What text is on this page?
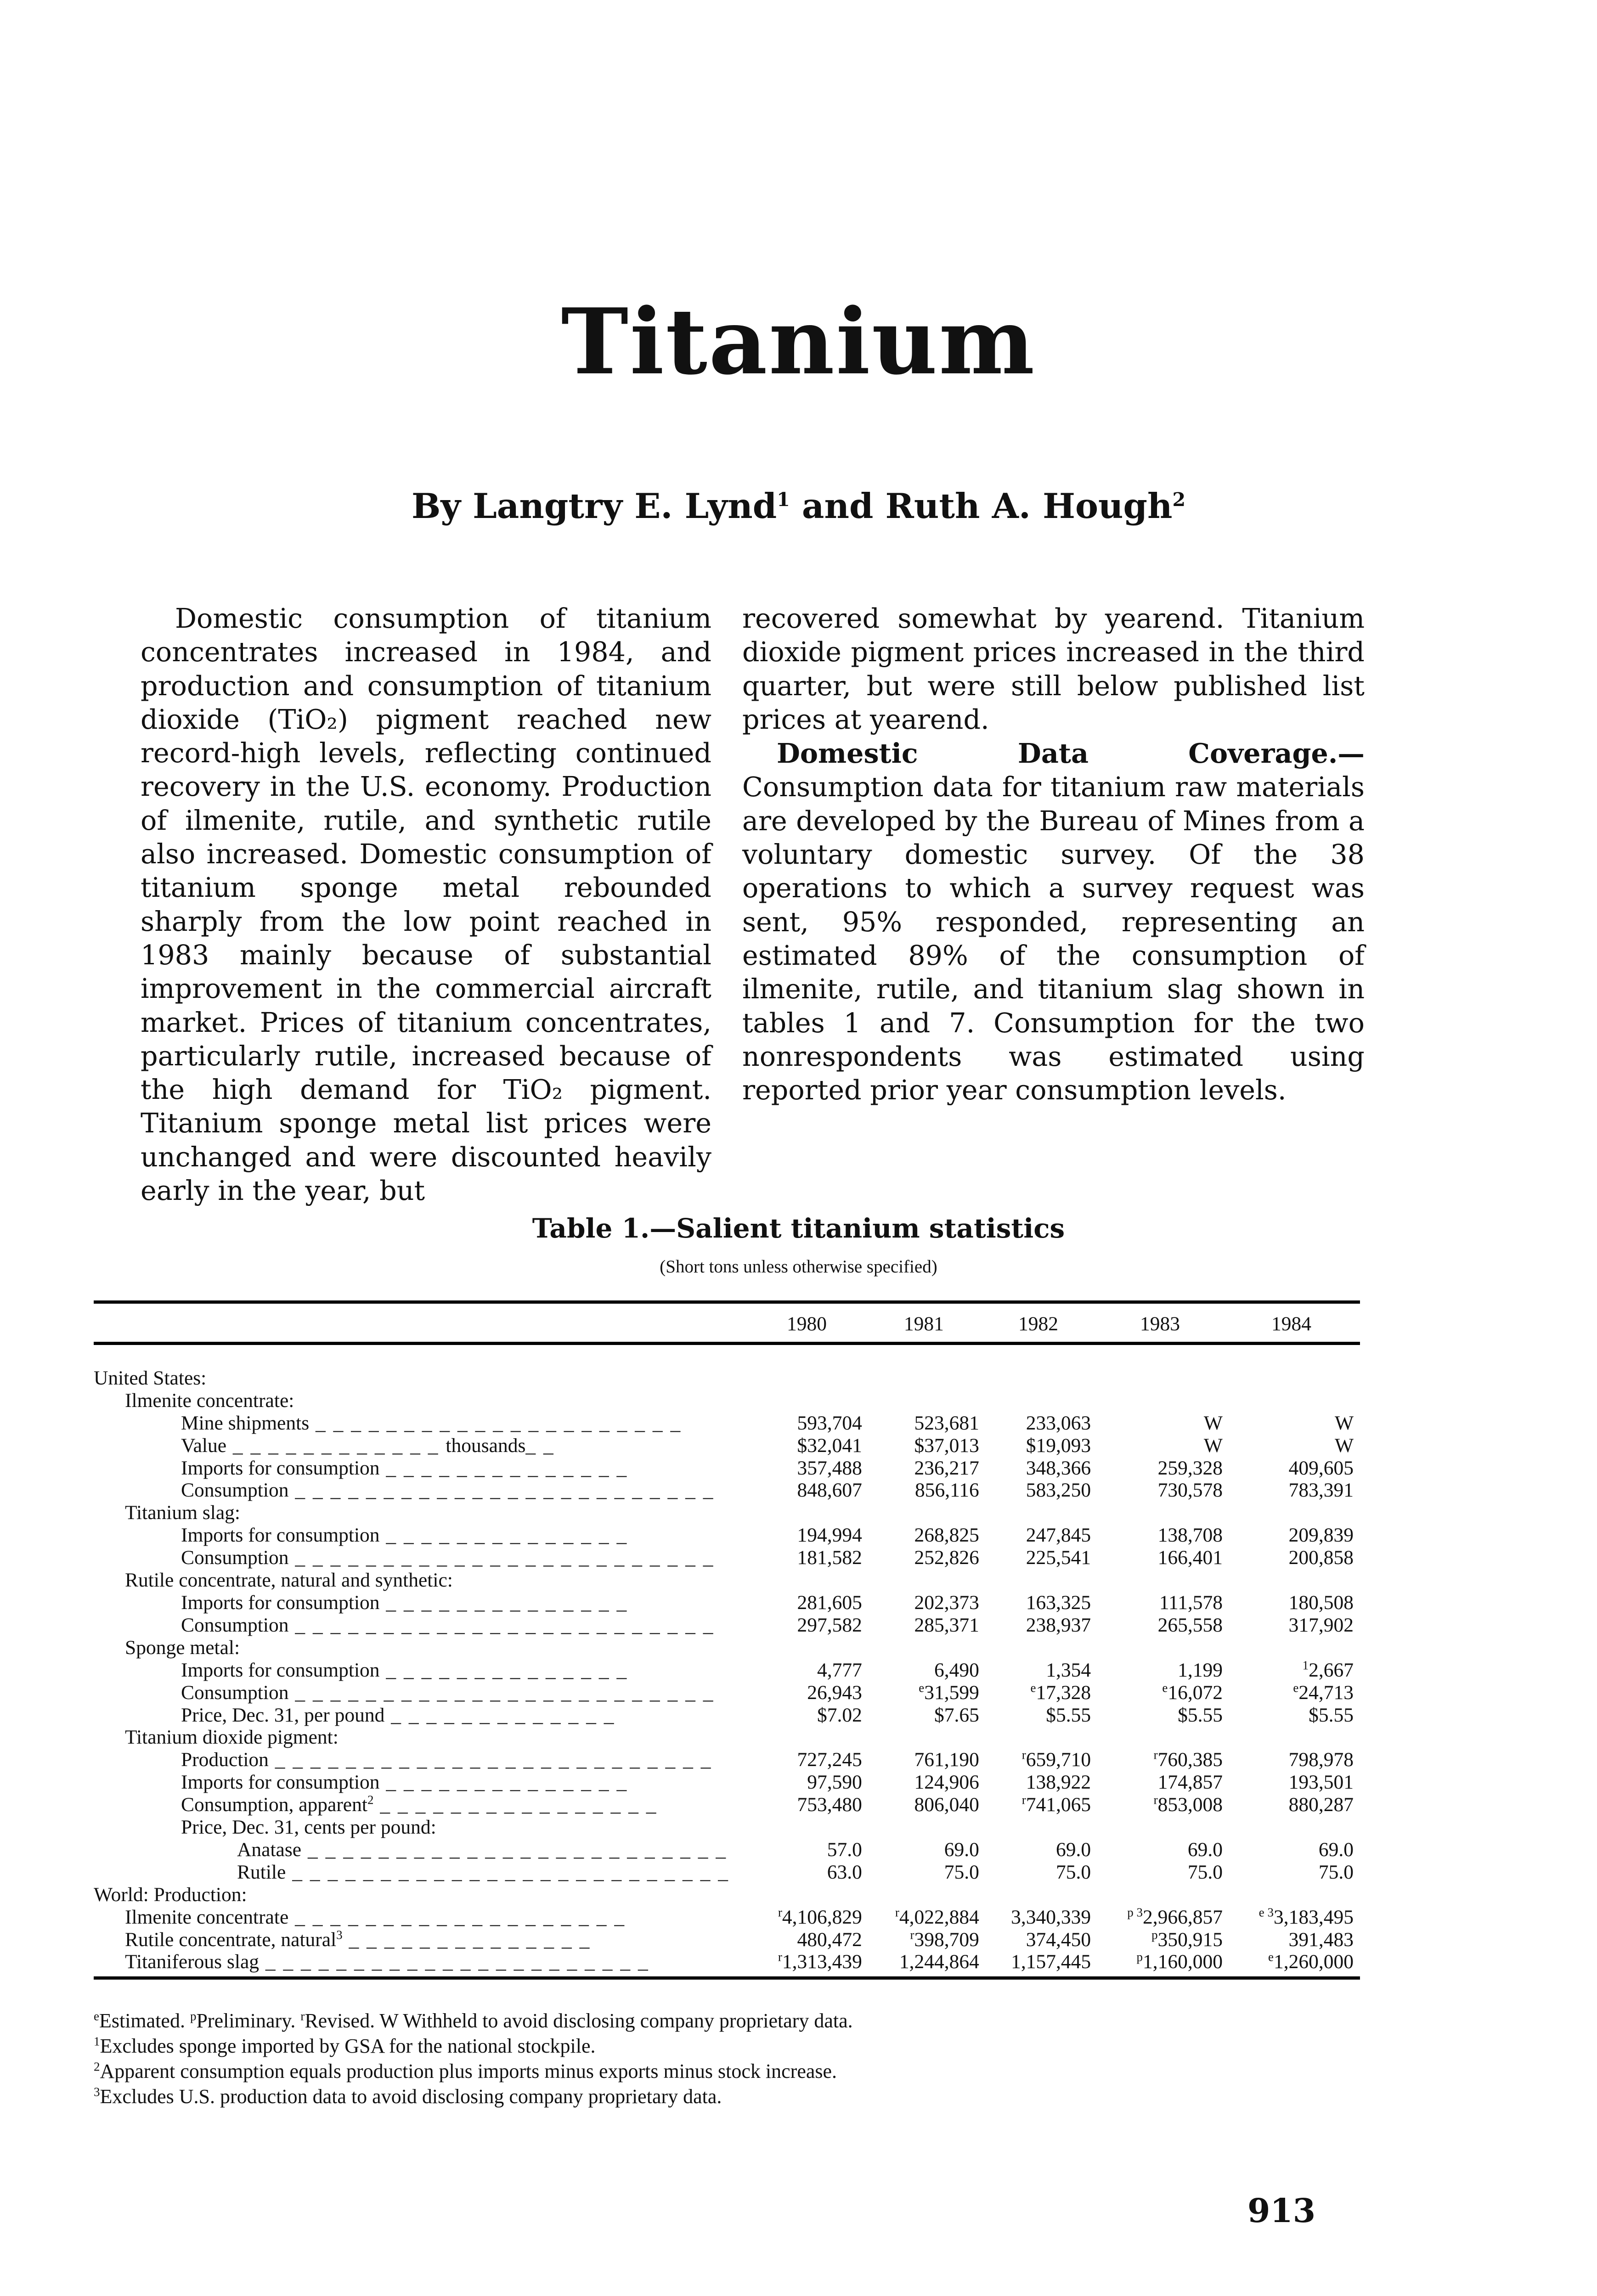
Titanium
By Langtry E. Lynd$^1$ and Ruth A. Hough$^2$

Domestic consumption of titanium concentrates increased in 1984, and production and consumption of titanium dioxide (TiO₂) pigment reached new record-high levels, reflecting continued recovery in the U.S. economy. Production of ilmenite, rutile, and synthetic rutile also increased. Domestic consumption of titanium sponge metal rebounded sharply from the low point reached in 1983 mainly because of substantial improvement in the commercial aircraft market. Prices of titanium concentrates, particularly rutile, increased because of the high demand for TiO₂ pigment. Titanium sponge metal list prices were unchanged and were discounted heavily early in the year, but

recovered somewhat by yearend. Titanium dioxide pigment prices increased in the third quarter, but were still below published list prices at yearend.

Domestic Data Coverage.—Consumption data for titanium raw materials are developed by the Bureau of Mines from a voluntary domestic survey. Of the 38 operations to which a survey request was sent, 95% responded, representing an estimated 89% of the consumption of ilmenite, rutile, and titanium slag shown in tables 1 and 7. Consumption for the two nonrespondents was estimated using reported prior year consumption levels.

Table 1.—Salient titanium statistics
(Short tons unless otherwise specified)
	1980	1981	1982	1983	1984
United States:					
Ilmenite concentrate:					
Mine shipments _ _ _ _ _ _ _ _ _ _ _ _ _ _ _ _ _ _ _ _ _	593,704	523,681	233,063	W	W
Value _ _ _ _ _ _ _ _ _ _ _ _ thousands_ _	$32,041	$37,013	$19,093	W	W
Imports for consumption _ _ _ _ _ _ _ _ _ _ _ _ _ _	357,488	236,217	348,366	259,328	409,605
Consumption _ _ _ _ _ _ _ _ _ _ _ _ _ _ _ _ _ _ _ _ _ _ _ _	848,607	856,116	583,250	730,578	783,391
Titanium slag:					
Imports for consumption _ _ _ _ _ _ _ _ _ _ _ _ _ _	194,994	268,825	247,845	138,708	209,839
Consumption _ _ _ _ _ _ _ _ _ _ _ _ _ _ _ _ _ _ _ _ _ _ _ _	181,582	252,826	225,541	166,401	200,858
Rutile concentrate, natural and synthetic:					
Imports for consumption _ _ _ _ _ _ _ _ _ _ _ _ _ _	281,605	202,373	163,325	111,578	180,508
Consumption _ _ _ _ _ _ _ _ _ _ _ _ _ _ _ _ _ _ _ _ _ _ _ _	297,582	285,371	238,937	265,558	317,902
Sponge metal:					
Imports for consumption _ _ _ _ _ _ _ _ _ _ _ _ _ _	4,777	6,490	1,354	1,199	$^1$2,667
Consumption _ _ _ _ _ _ _ _ _ _ _ _ _ _ _ _ _ _ _ _ _ _ _ _	26,943	$^e$31,599	$^e$17,328	$^e$16,072	$^e$24,713
Price, Dec. 31, per pound _ _ _ _ _ _ _ _ _ _ _ _ _	$7.02	$7.65	$5.55	$5.55	$5.55
Titanium dioxide pigment:					
Production _ _ _ _ _ _ _ _ _ _ _ _ _ _ _ _ _ _ _ _ _ _ _ _ _	727,245	761,190	$^r$659,710	$^r$760,385	798,978
Imports for consumption _ _ _ _ _ _ _ _ _ _ _ _ _ _	97,590	124,906	138,922	174,857	193,501
Consumption, apparent$^2$ _ _ _ _ _ _ _ _ _ _ _ _ _ _ _ _	753,480	806,040	$^r$741,065	$^r$853,008	880,287
Price, Dec. 31, cents per pound:					
Anatase _ _ _ _ _ _ _ _ _ _ _ _ _ _ _ _ _ _ _ _ _ _ _ _	57.0	69.0	69.0	69.0	69.0
Rutile _ _ _ _ _ _ _ _ _ _ _ _ _ _ _ _ _ _ _ _ _ _ _ _ _	63.0	75.0	75.0	75.0	75.0
World: Production:					
Ilmenite concentrate _ _ _ _ _ _ _ _ _ _ _ _ _ _ _ _ _ _ _	$^r$4,106,829	$^r$4,022,884	3,340,339	$^{p 3}$2,966,857	$^{e 3}$3,183,495
Rutile concentrate, natural$^3$ _ _ _ _ _ _ _ _ _ _ _ _ _ _	480,472	$^r$398,709	374,450	$^p$350,915	391,483
Titaniferous slag _ _ _ _ _ _ _ _ _ _ _ _ _ _ _ _ _ _ _ _ _ _	$^r$1,313,439	1,244,864	1,157,445	$^p$1,160,000	$^e$1,260,000
$^e$Estimated. $^p$Preliminary. $^r$Revised. W Withheld to avoid disclosing company proprietary data.
$^1$Excludes sponge imported by GSA for the national stockpile.
$^2$Apparent consumption equals production plus imports minus exports minus stock increase.
$^3$Excludes U.S. production data to avoid disclosing company proprietary data.
913
